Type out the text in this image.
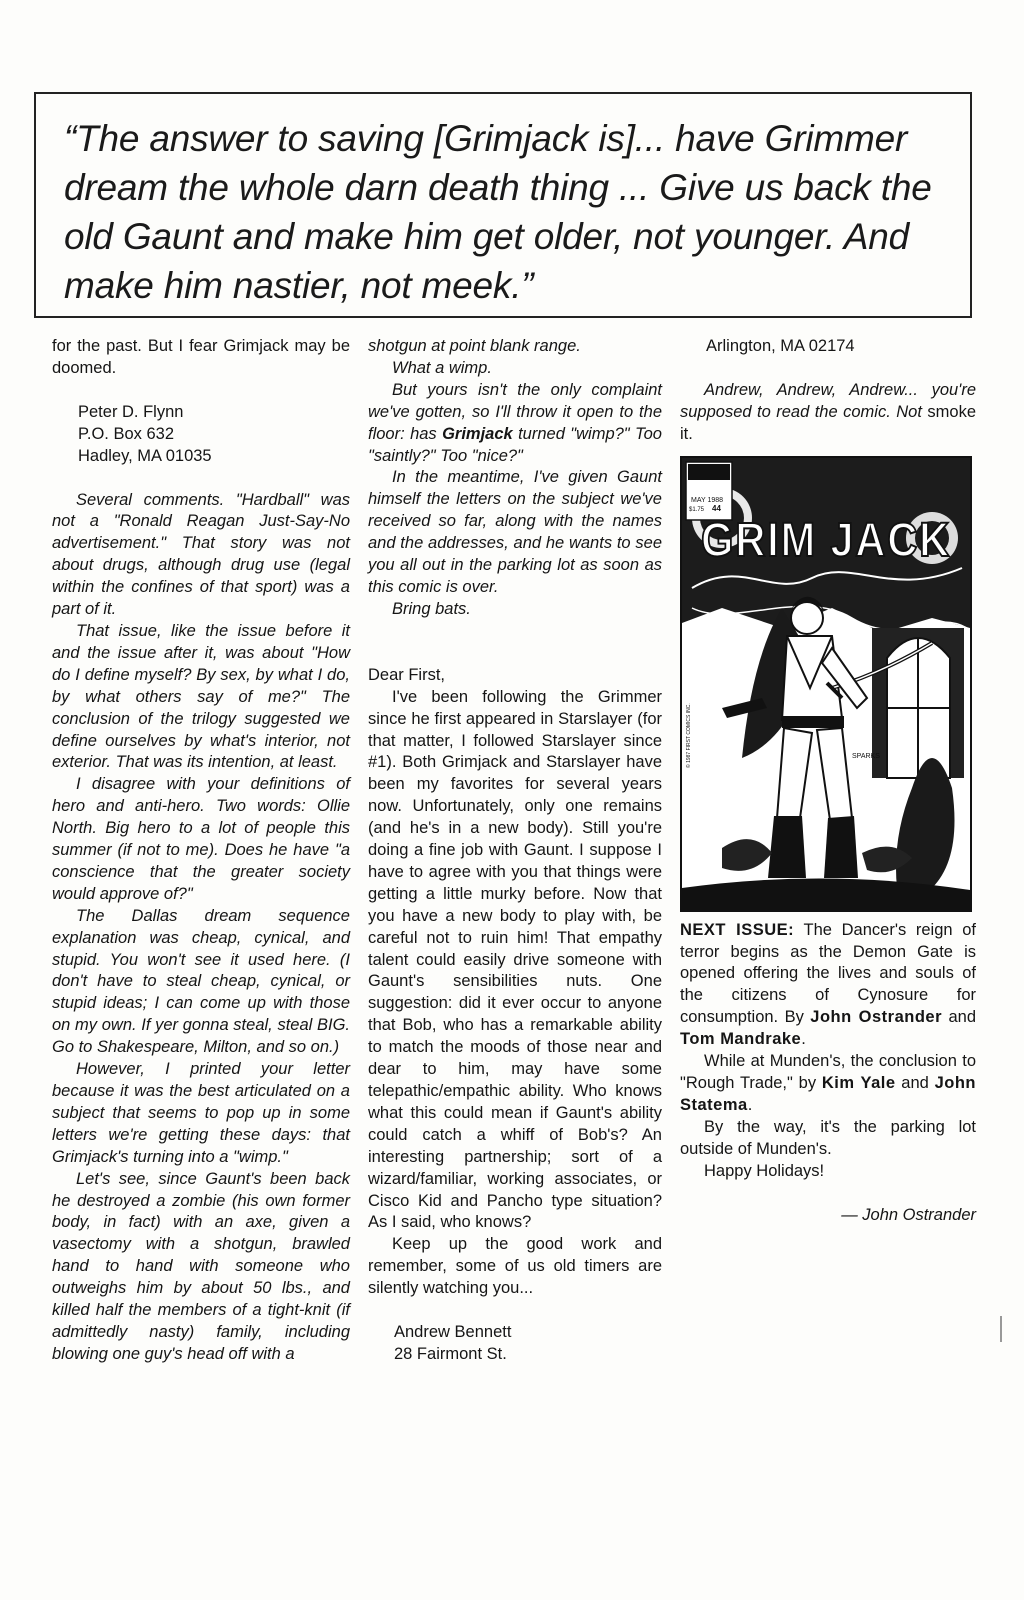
“The answer to saving [Grimjack is]... have Grimmer dream the whole darn death thing ... Give us back the old Gaunt and make him get older, not younger. And make him nastier, not meek.”

for the past. But I fear Grimjack may be doomed.

Peter D. Flynn

P.O. Box 632

Hadley, MA 01035

Several comments. "Hardball" was not a "Ronald Reagan Just-Say-No advertisement." That story was not about drugs, although drug use (legal within the confines of that sport) was a part of it.

That issue, like the issue before it and the issue after it, was about "How do I define myself? By sex, by what I do, by what others say of me?" The conclusion of the trilogy suggested we define ourselves by what's interior, not exterior. That was its intention, at least.

I disagree with your definitions of hero and anti-hero. Two words: Ollie North. Big hero to a lot of people this summer (if not to me). Does he have "a conscience that the greater society would approve of?"

The Dallas dream sequence explanation was cheap, cynical, and stupid. You won't see it used here. (I don't have to steal cheap, cynical, or stupid ideas; I can come up with those on my own. If yer gonna steal, steal BIG. Go to Shakespeare, Milton, and so on.)

However, I printed your letter because it was the best articulated on a subject that seems to pop up in some letters we're getting these days: that Grimjack's turning into a "wimp."

Let's see, since Gaunt's been back he destroyed a zombie (his own former body, in fact) with an axe, given a vasectomy with a shotgun, brawled hand to hand with someone who outweighs him by about 50 lbs., and killed half the members of a tight-knit (if admittedly nasty) family, including blowing one guy's head off with a

shotgun at point blank range.

What a wimp.

But yours isn't the only complaint we've gotten, so I'll throw it open to the floor: has Grimjack turned "wimp?" Too "saintly?" Too "nice?"

In the meantime, I've given Gaunt himself the letters on the subject we've received so far, along with the names and the addresses, and he wants to see you all out in the parking lot as soon as this comic is over.

Bring bats.

Dear First,

I've been following the Grimmer since he first appeared in Starslayer (for that matter, I followed Starslayer since #1). Both Grimjack and Starslayer have been my favorites for several years now. Unfortunately, only one remains (and he's in a new body). Still you're doing a fine job with Gaunt. I suppose I have to agree with you that things were getting a little murky before. Now that you have a new body to play with, be careful not to ruin him! That empathy talent could easily drive someone with Gaunt's sensibilities nuts. One suggestion: did it ever occur to anyone that Bob, who has a remarkable ability to match the moods of those near and dear to him, may have some telepathic/empathic ability. Who knows what this could mean if Gaunt's ability could catch a whiff of Bob's? An interesting partnership; sort of a wizard/familiar, working associates, or Cisco Kid and Pancho type situation? As I said, who knows?

Keep up the good work and remember, some of us old timers are silently watching you...

Andrew Bennett

28 Fairmont St.

Arlington, MA 02174

Andrew, Andrew, Andrew... you're supposed to read the comic. Not smoke it.

MAY 1988
44
$1.75
GRIM JACK
SPARKS
© 1987 FIRST COMICS INC.

NEXT ISSUE: The Dancer's reign of terror begins as the Demon Gate is opened offering the lives and souls of the citizens of Cynosure for consumption. By John Ostrander and Tom Mandrake.

While at Munden's, the conclusion to "Rough Trade," by Kim Yale and John Statema.

By the way, it's the parking lot outside of Munden's.

Happy Holidays!

— John Ostrander
